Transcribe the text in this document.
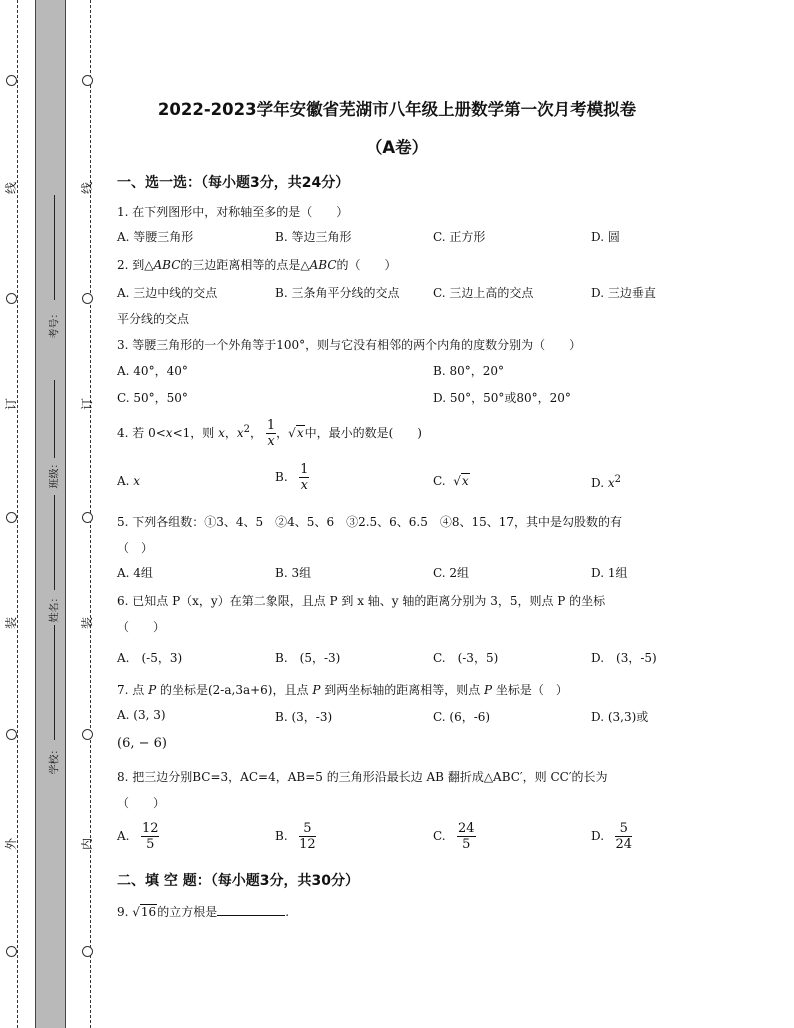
线
订
装
外
线
订
装
内
考号：
班级：
姓名：
学校：
2022-2023学年安徽省芜湖市八年级上册数学第一次月考模拟卷
（A卷）
一、选一选：（每小题3分，共24分）
1. 在下列图形中，对称轴至多的是（　　）
A. 等腰三角形	B. 等边三角形	C. 正方形	D. 圆
2. 到△ABC的三边距离相等的点是△ABC的（　　）
A. 三边中线的交点	B. 三条角平分线的交点	C. 三边上高的交点	D. 三边垂直
平分线的交点
3. 等腰三角形的一个外角等于100°，则与它没有相邻的两个内角的度数分别为（　　）
A. 40°，40°	B. 80°，20°
C. 50°，50°	D. 50°，50°或80°，20°
4. 若 0<x<1，则 x，$x^2$， $\frac{1}{x}$ ，√x中，最小的数是(　　)
A. x	B. $\frac{1}{x}$	C. √x	D. $x^2$
5. 下列各组数：①3、4、5　②4、5、6　③2.5、6、6.5　④8、15、17，其中是勾股数的有
（　）
A. 4组	B. 3组	C. 2组	D. 1组
6. 已知点 P（x，y）在第二象限，且点 P 到 x 轴、y 轴的距离分别为 3，5，则点 P 的坐标
（　　）
A.　(-5，3)	B.　(5，-3)	C.　(-3，5)	D.　(3，-5)
7. 点 P 的坐标是(2-a,3a+6)，且点 P 到两坐标轴的距离相等，则点 P 坐标是（　）
A. (3, 3)	B. (3，-3)	C. (6，-6)	D. (3,3)或
(6, − 6)
8. 把三边分别BC=3，AC=4，AB=5 的三角形沿最长边 AB 翻折成△ABC′，则 CC′的长为
（　　）
A. $\frac{12}{5}$	B. $\frac{5}{12}$	C. $\frac{24}{5}$	D. $\frac{5}{24}$
二、填 空 题：（每小题3分，共30分）
9. √16的立方根是	.
